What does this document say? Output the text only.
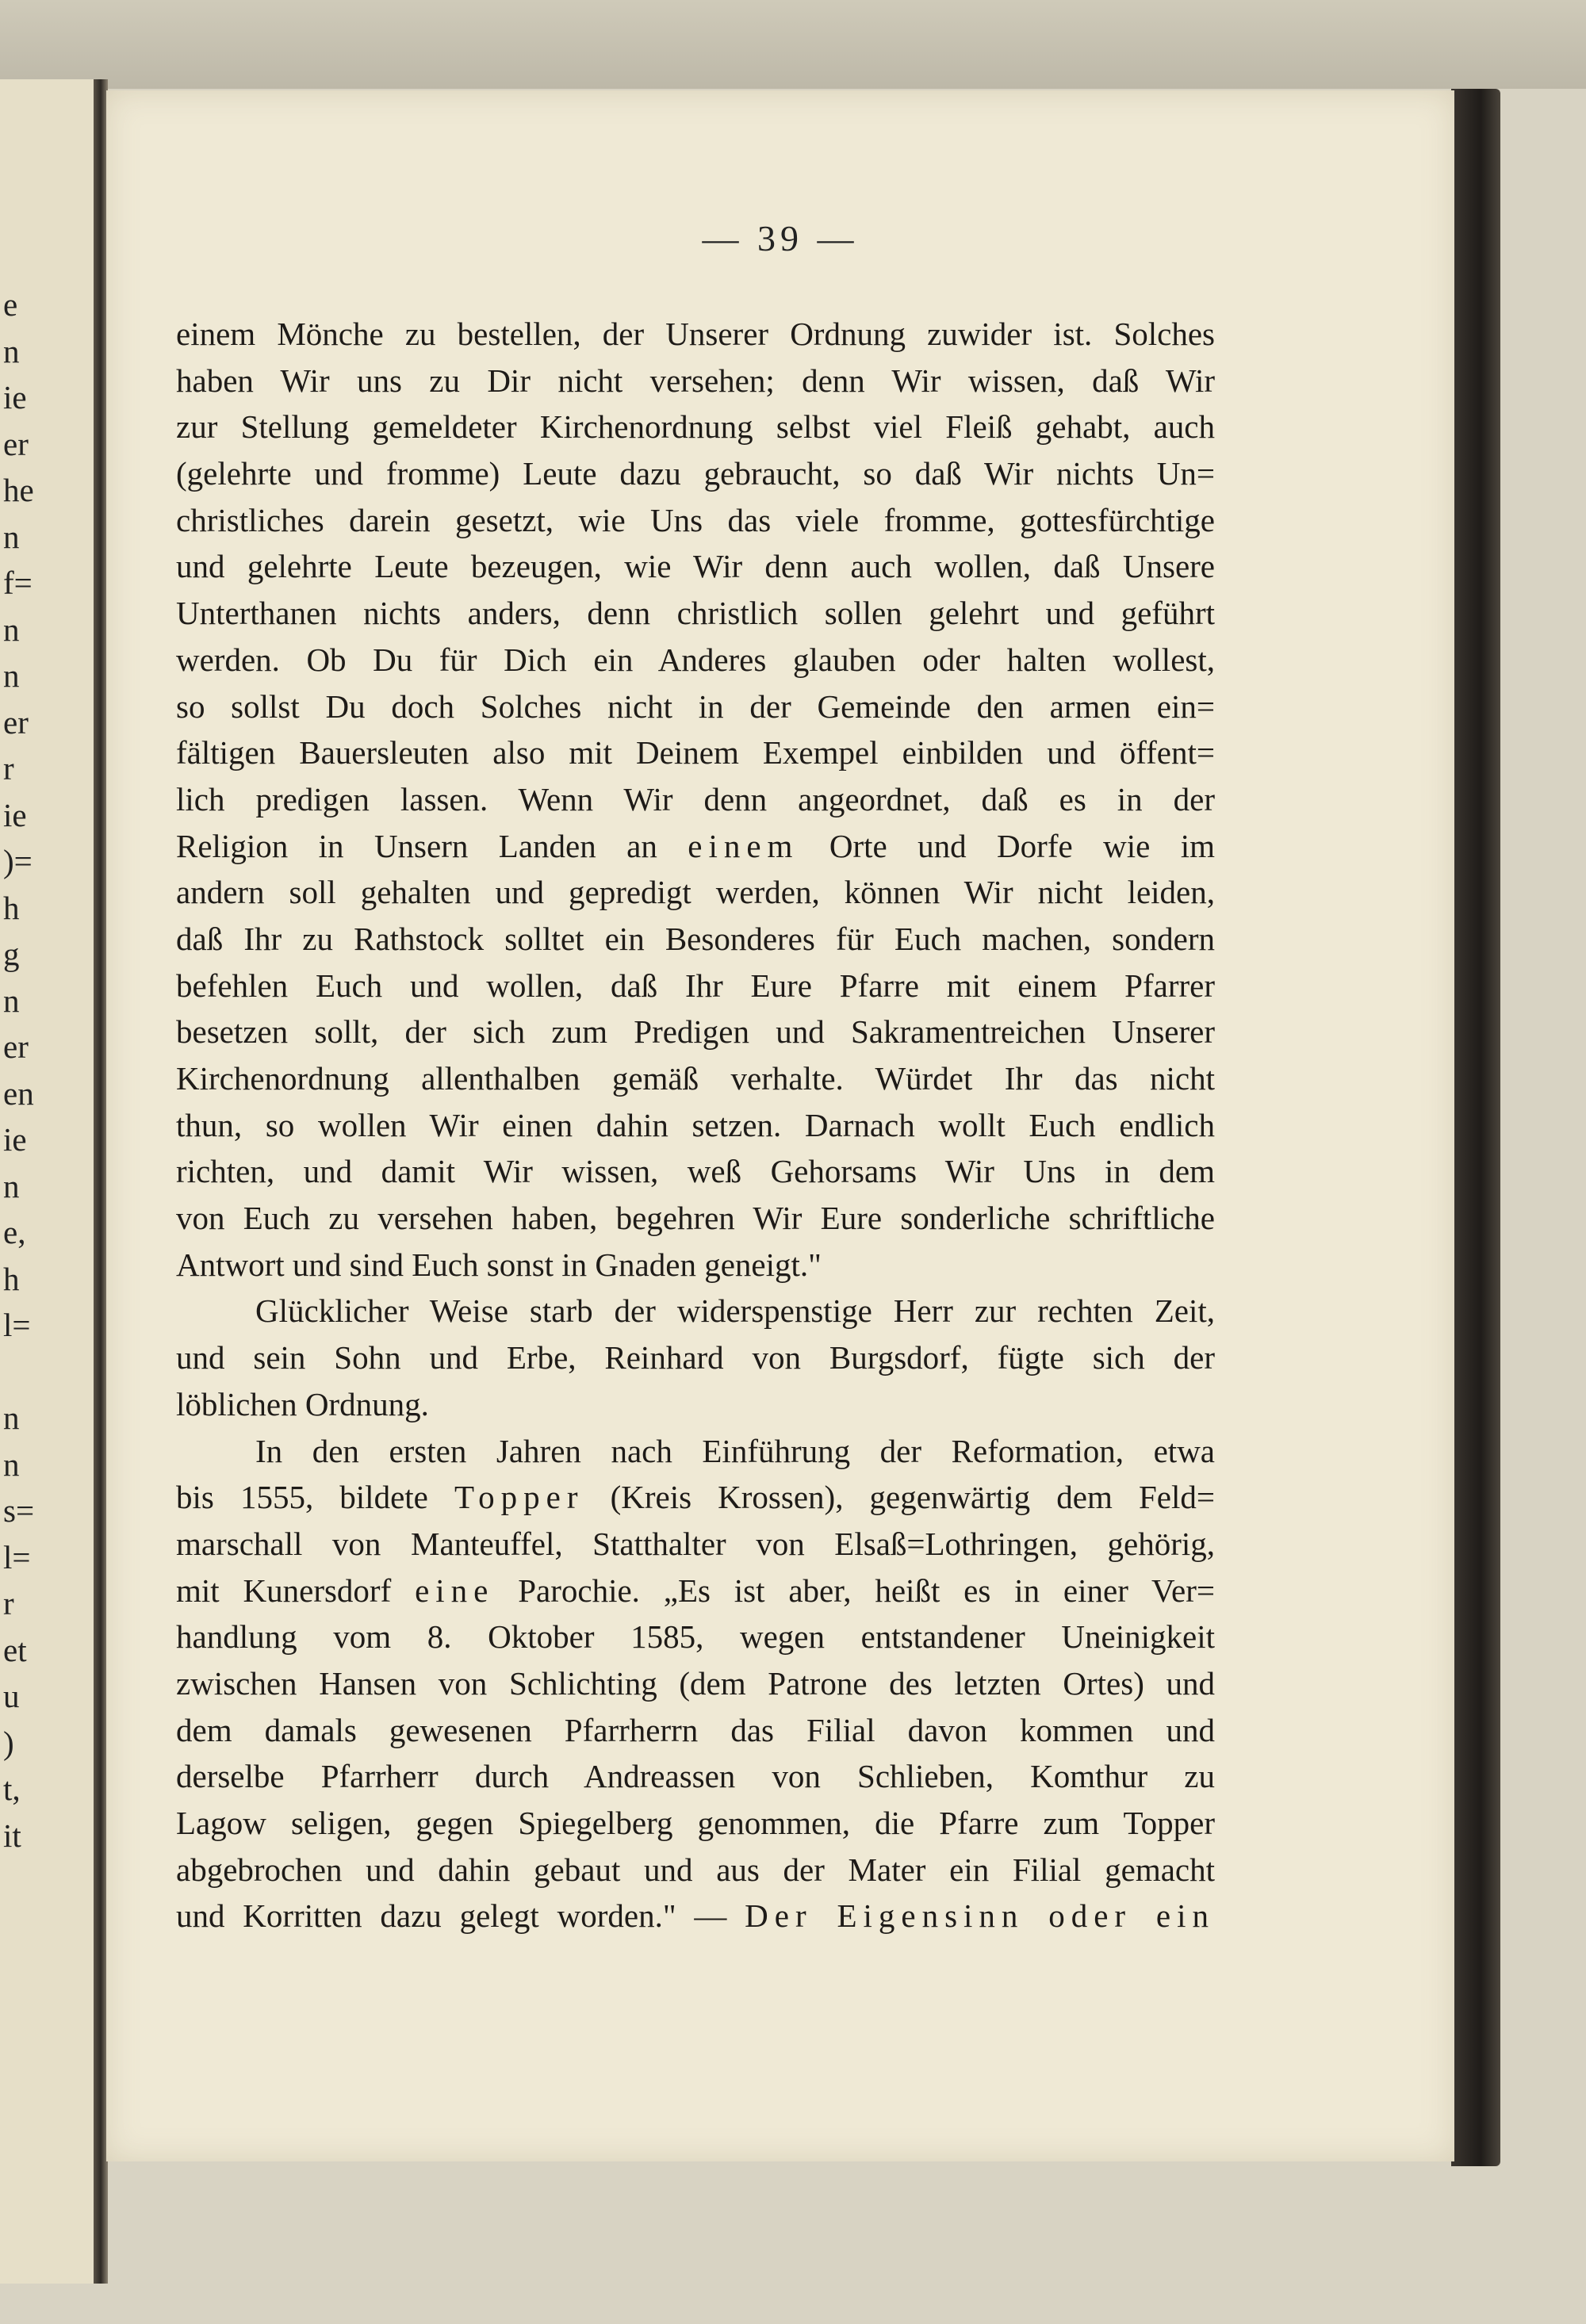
e
n
ie
er
he
n
f=
n
n
er
r
ie
)=
h
g
n
er
en
ie
n
e,
h
l=
n
n
s=
l=
r
et
u
)
t,
it
— 39 —
einem Mönche zu bestellen, der Unserer Ordnung zuwider ist. Solches
haben Wir uns zu Dir nicht versehen; denn Wir wissen, daß Wir
zur Stellung gemeldeter Kirchenordnung selbst viel Fleiß gehabt, auch
(gelehrte und fromme) Leute dazu gebraucht, so daß Wir nichts Un=
christliches darein gesetzt, wie Uns das viele fromme, gottesfürchtige
und gelehrte Leute bezeugen, wie Wir denn auch wollen, daß Unsere
Unterthanen nichts anders, denn christlich sollen gelehrt und geführt
werden. Ob Du für Dich ein Anderes glauben oder halten wollest,
so sollst Du doch Solches nicht in der Gemeinde den armen ein=
fältigen Bauersleuten also mit Deinem Exempel einbilden und öffent=
lich predigen lassen. Wenn Wir denn angeordnet, daß es in der
Religion in Unsern Landen an einem Orte und Dorfe wie im
andern soll gehalten und gepredigt werden, können Wir nicht leiden,
daß Ihr zu Rathstock solltet ein Besonderes für Euch machen, sondern
befehlen Euch und wollen, daß Ihr Eure Pfarre mit einem Pfarrer
besetzen sollt, der sich zum Predigen und Sakramentreichen Unserer
Kirchenordnung allenthalben gemäß verhalte. Würdet Ihr das nicht
thun, so wollen Wir einen dahin setzen. Darnach wollt Euch endlich
richten, und damit Wir wissen, weß Gehorsams Wir Uns in dem
von Euch zu versehen haben, begehren Wir Eure sonderliche schriftliche
Antwort und sind Euch sonst in Gnaden geneigt."
Glücklicher Weise starb der widerspenstige Herr zur rechten Zeit,
und sein Sohn und Erbe, Reinhard von Burgsdorf, fügte sich der
löblichen Ordnung.
In den ersten Jahren nach Einführung der Reformation, etwa
bis 1555, bildete Topper (Kreis Krossen), gegenwärtig dem Feld=
marschall von Manteuffel, Statthalter von Elsaß=Lothringen, gehörig,
mit Kunersdorf eine Parochie. „Es ist aber, heißt es in einer Ver=
handlung vom 8. Oktober 1585, wegen entstandener Uneinigkeit
zwischen Hansen von Schlichting (dem Patrone des letzten Ortes) und
dem damals gewesenen Pfarrherrn das Filial davon kommen und
derselbe Pfarrherr durch Andreassen von Schlieben, Komthur zu
Lagow seligen, gegen Spiegelberg genommen, die Pfarre zum Topper
abgebrochen und dahin gebaut und aus der Mater ein Filial gemacht
und Korritten dazu gelegt worden." — Der Eigensinn oder ein
